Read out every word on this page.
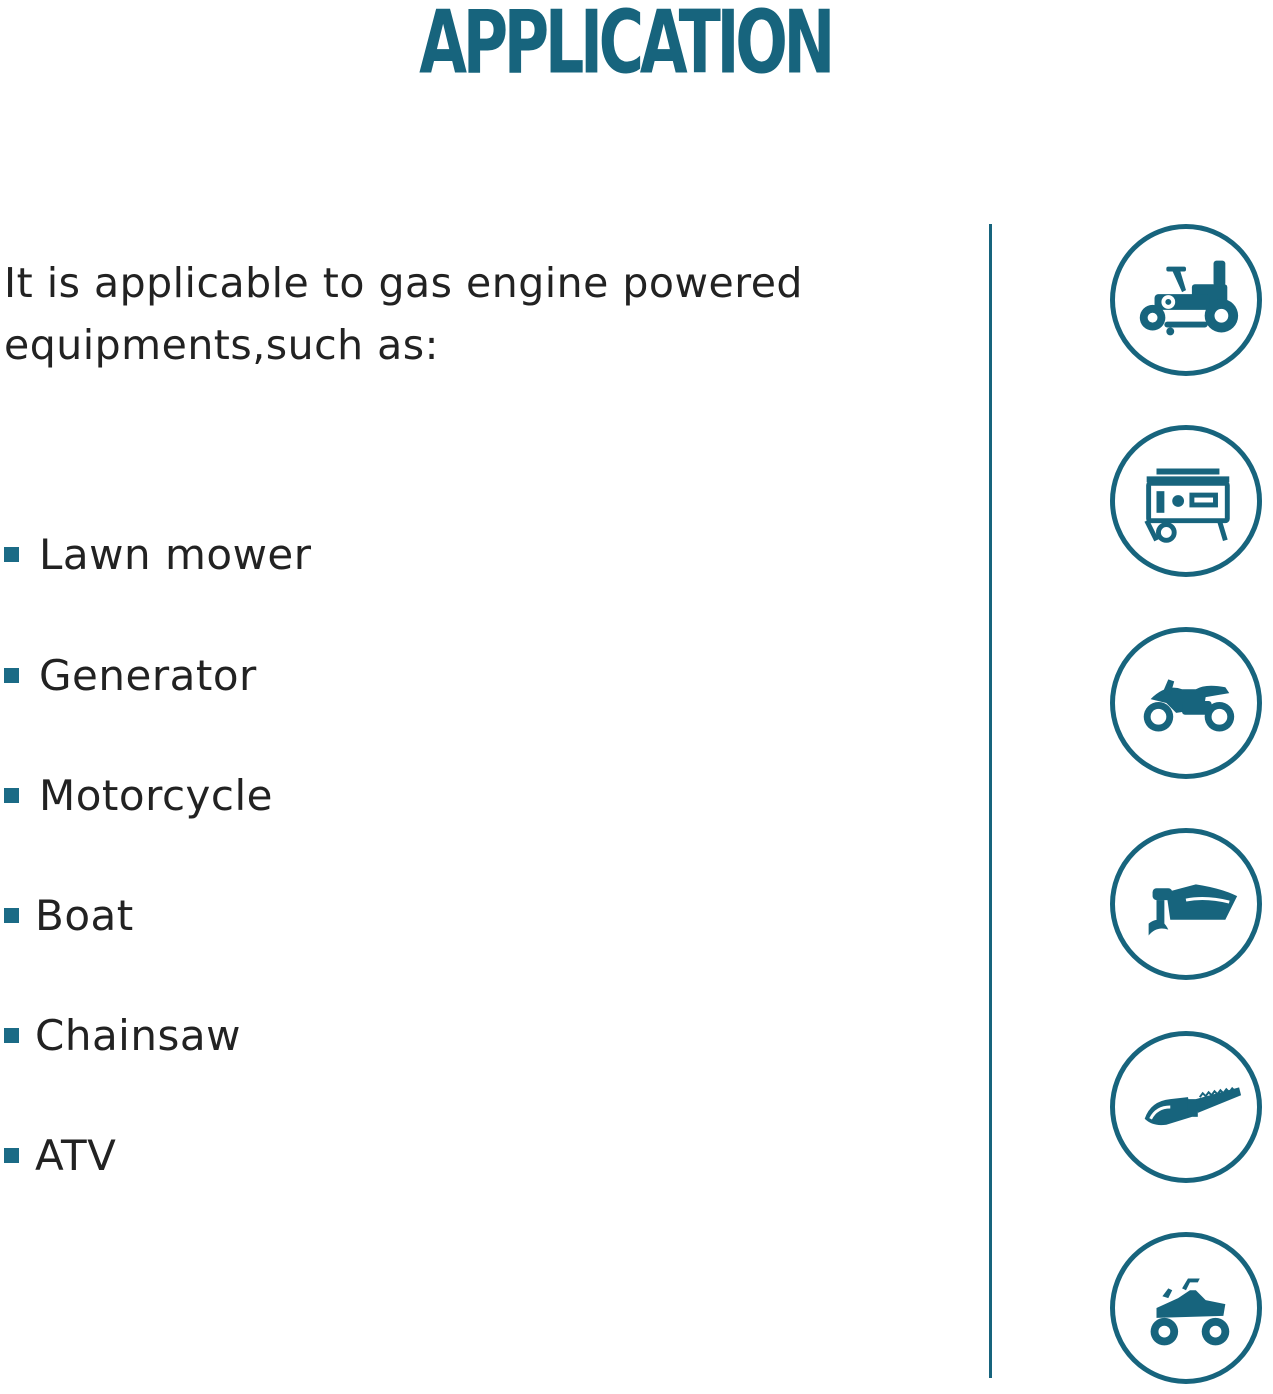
APPLICATION
It is applicable to gas engine powered equipments,such as:
Lawn mower
Generator
Motorcycle
Boat
Chainsaw
ATV
